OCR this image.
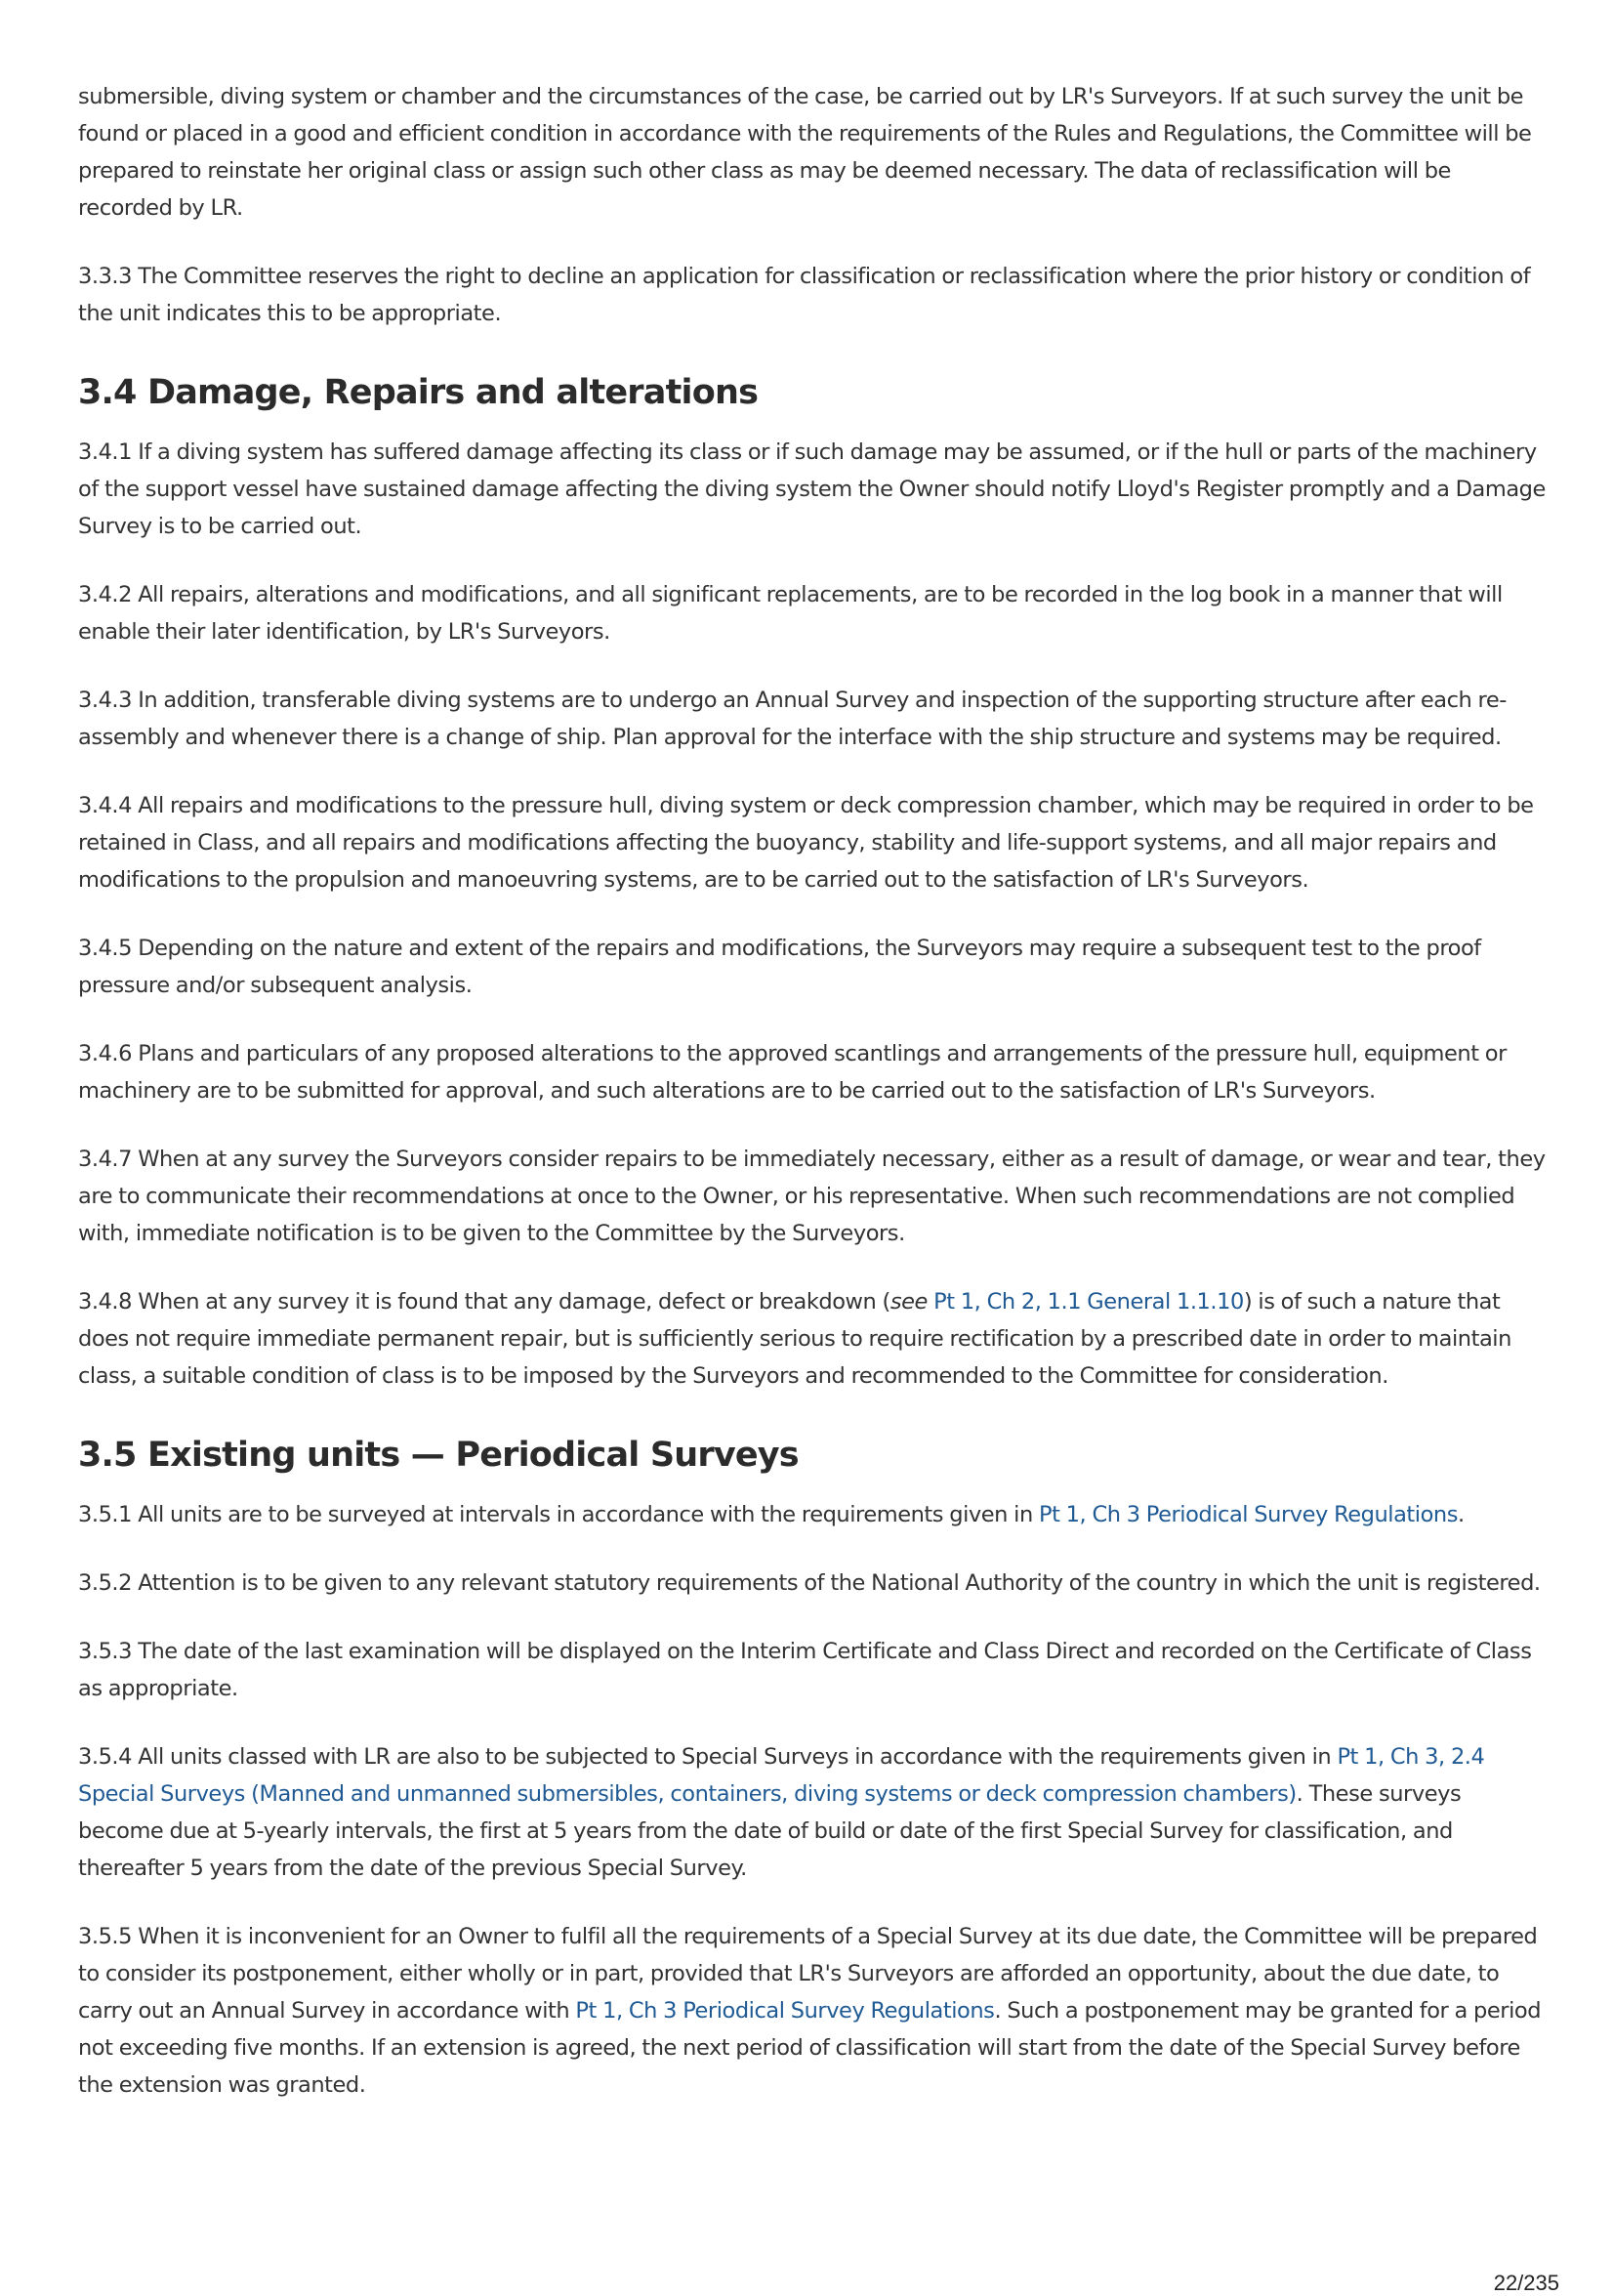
submersible, diving system or chamber and the circumstances of the case, be carried out by LR's Surveyors. If at such survey the unit be found or placed in a good and efficient condition in accordance with the requirements of the Rules and Regulations, the Committee will be prepared to reinstate her original class or assign such other class as may be deemed necessary. The data of reclassification will be recorded by LR.

3.3.3 The Committee reserves the right to decline an application for classification or reclassification where the prior history or condition of the unit indicates this to be appropriate.

3.4 Damage, Repairs and alterations

3.4.1 If a diving system has suffered damage affecting its class or if such damage may be assumed, or if the hull or parts of the machinery of the support vessel have sustained damage affecting the diving system the Owner should notify Lloyd's Register promptly and a Damage Survey is to be carried out.

3.4.2 All repairs, alterations and modifications, and all significant replacements, are to be recorded in the log book in a manner that will enable their later identification, by LR's Surveyors.

3.4.3 In addition, transferable diving systems are to undergo an Annual Survey and inspection of the supporting structure after each re-assembly and whenever there is a change of ship. Plan approval for the interface with the ship structure and systems may be required.

3.4.4 All repairs and modifications to the pressure hull, diving system or deck compression chamber, which may be required in order to be retained in Class, and all repairs and modifications affecting the buoyancy, stability and life-support systems, and all major repairs and modifications to the propulsion and manoeuvring systems, are to be carried out to the satisfaction of LR's Surveyors.

3.4.5 Depending on the nature and extent of the repairs and modifications, the Surveyors may require a subsequent test to the proof pressure and/or subsequent analysis.

3.4.6 Plans and particulars of any proposed alterations to the approved scantlings and arrangements of the pressure hull, equipment or machinery are to be submitted for approval, and such alterations are to be carried out to the satisfaction of LR's Surveyors.

3.4.7 When at any survey the Surveyors consider repairs to be immediately necessary, either as a result of damage, or wear and tear, they are to communicate their recommendations at once to the Owner, or his representative. When such recommendations are not complied with, immediate notification is to be given to the Committee by the Surveyors.

3.4.8 When at any survey it is found that any damage, defect or breakdown (see Pt 1, Ch 2, 1.1 General 1.1.10) is of such a nature that does not require immediate permanent repair, but is sufficiently serious to require rectification by a prescribed date in order to maintain class, a suitable condition of class is to be imposed by the Surveyors and recommended to the Committee for consideration.

3.5 Existing units — Periodical Surveys

3.5.1 All units are to be surveyed at intervals in accordance with the requirements given in Pt 1, Ch 3 Periodical Survey Regulations.

3.5.2 Attention is to be given to any relevant statutory requirements of the National Authority of the country in which the unit is registered.

3.5.3 The date of the last examination will be displayed on the Interim Certificate and Class Direct and recorded on the Certificate of Class as appropriate.

3.5.4 All units classed with LR are also to be subjected to Special Surveys in accordance with the requirements given in Pt 1, Ch 3, 2.4 Special Surveys (Manned and unmanned submersibles, containers, diving systems or deck compression chambers). These surveys become due at 5-yearly intervals, the first at 5 years from the date of build or date of the first Special Survey for classification, and thereafter 5 years from the date of the previous Special Survey.

3.5.5 When it is inconvenient for an Owner to fulfil all the requirements of a Special Survey at its due date, the Committee will be prepared to consider its postponement, either wholly or in part, provided that LR's Surveyors are afforded an opportunity, about the due date, to carry out an Annual Survey in accordance with Pt 1, Ch 3 Periodical Survey Regulations. Such a postponement may be granted for a period not exceeding five months. If an extension is agreed, the next period of classification will start from the date of the Special Survey before the extension was granted.

22/235
